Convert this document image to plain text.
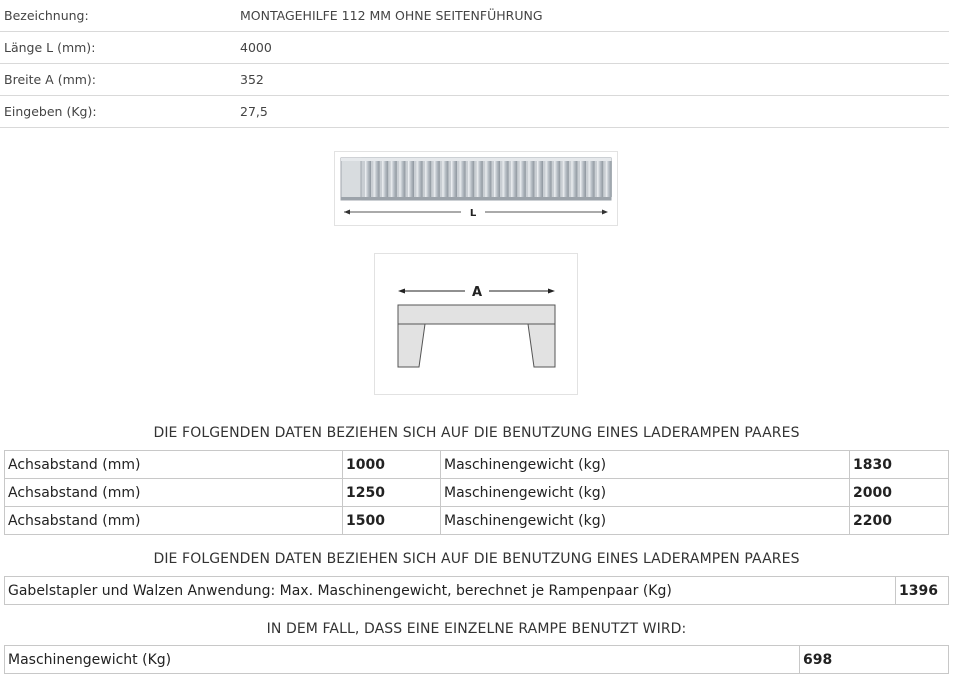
Bezeichnung:	MONTAGEHILFE 112 MM OHNE SEITENFÜHRUNG
Länge L (mm):	4000
Breite A (mm):	352
Eingeben (Kg):	27,5
L
A
DIE FOLGENDEN DATEN BEZIEHEN SICH AUF DIE BENUTZUNG EINES LADERAMPEN PAARES
Achsabstand (mm)	1000	Maschinengewicht (kg)	1830
Achsabstand (mm)	1250	Maschinengewicht (kg)	2000
Achsabstand (mm)	1500	Maschinengewicht (kg)	2200
DIE FOLGENDEN DATEN BEZIEHEN SICH AUF DIE BENUTZUNG EINES LADERAMPEN PAARES
Gabelstapler und Walzen Anwendung: Max. Maschinengewicht, berechnet je Rampenpaar (Kg)	1396
IN DEM FALL, DASS EINE EINZELNE RAMPE BENUTZT WIRD:
Maschinengewicht (Kg)	698
